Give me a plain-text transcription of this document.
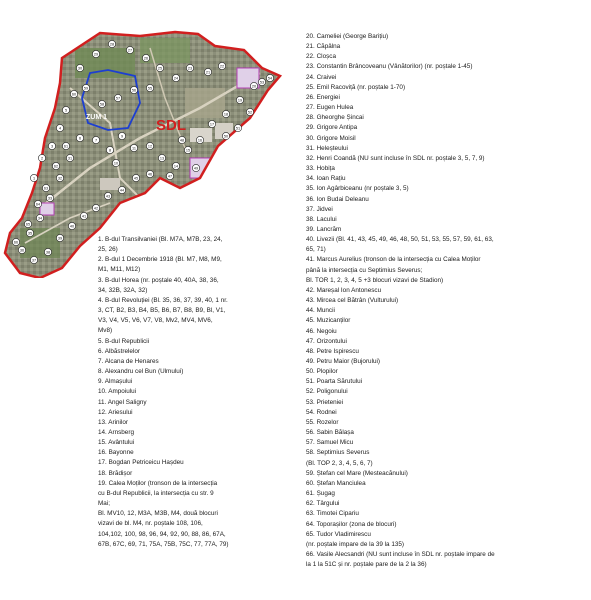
SDL
ZUM 1
1
2
3
4
5
6	7
8
9
10
11	12
13
14
15
16
17
18
19
20
21
22
23
24
25
26
27
28
29
30
31
32
33
34
35
36
37
38
39
40
41
42
43
44
45
46	47
48
49
50
51
52
53
54
55
56
57
58
59
60
61
62
63
64
65
66	1. B-dul Transilvaniei (Bl. M7A, M7B, 23, 24,
25, 26)
2. B-dul 1 Decembrie 1918 (Bl. M7, M8, M9,
M1, M11, M12)
3. B-dul Horea (nr. poștale 40, 40A, 38, 36,
34, 32B, 32A, 32)
4. B-dul Revoluției (Bl. 35, 36, 37, 39, 40, 1 nr.
3, CT, B2, B3, B4, B5, B6, B7, B8, B9, Bl, V1,
V3, V4, V5, V6, V7, V8, Mv2, MV4, MV6,
Mv8)
5. B-dul Republicii
6. Albăstrelelor
7. Alcana de Henares
8. Alexandru cel Bun (Ulmului)
9. Almașului
10. Ampoiului
11. Angel Saligny
12. Ariesului
13. Arinilor
14. Arnsberg
15. Avântului
16. Bayonne
17. Bogdan Petriceicu Hașdeu
18. Brădișor
19. Calea Moților (tronson de la intersecția
cu B-dul Republicii, la intersecția cu str. 9
Mai;
Bl. MV10, 12, M3A, M3B, M4, două blocuri
vizavi de bl. M4, nr. poștale 108, 106,
104,102, 100, 98, 96, 94, 92, 90, 88, 86, 67A,
67B, 67C, 69, 71, 75A, 75B, 75C, 77, 77A, 79)
20. Cameliei (George Barițiu)
21. Căpâlna
22. Cloșca
23. Constantin Brâncoveanu (Vânătorilor) (nr. poștale 1-45)
24. Craivei
25. Emil Racoviță (nr. poștale 1-70)
26. Energiei
27. Eugen Hulea
28. Gheorghe Șincai
29. Grigore Antipa
30. Grigore Moisil
31. Heleșteului
32. Henri Coandă (NU sunt incluse în SDL nr. poștale 3, 5, 7, 9)
33. Hobița
34. Ioan Rațiu
35. Ion Agârbiceanu (nr poștale 3, 5)
36. Ion Budai Deleanu
37. Jidvei
38. Lacului
39. Lancrăm
40. Livezii (Bl. 41, 43, 45, 49, 46, 48, 50, 51, 53, 55, 57, 59, 61, 63,
65, 71)
41. Marcus Aurelius (tronson de la intersecția cu Calea Moților
până la intersecția cu Septimius Severus;
Bl. TOR 1, 2, 3, 4, 5 +3 blocuri vizavi de Stadion)
42. Mareșal Ion Antonescu
43. Mircea cel Bătrân (Vulturului)
44. Muncii
45. Muzicanților
46. Negoiu
47. Orizontului
48. Petre Ispirescu
49. Petru Maior (Bujorului)
50. Plopilor
51. Poarta Sărutului
52. Poligonului
53. Prieteniei
54. Rodnei
55. Rozelor
56. Sabin Bălașa
57. Samuel Micu
58. Septimius Severus
(Bl. TOP 2, 3, 4, 5, 6, 7)
59. Ștefan cel Mare (Mesteacănului)
60. Ștefan Manciulea
61. Șugag
62. Târgului
63. Timotei Cipariu
64. Toporașilor (zona de blocuri)
65. Tudor Vladimirescu
(nr. poștale impare de la 39 la 135)
66. Vasile Alecsandri (NU sunt incluse în SDL nr. poștale impare de
la 1 la 51C și nr. poștale pare de la 2 la 36)
